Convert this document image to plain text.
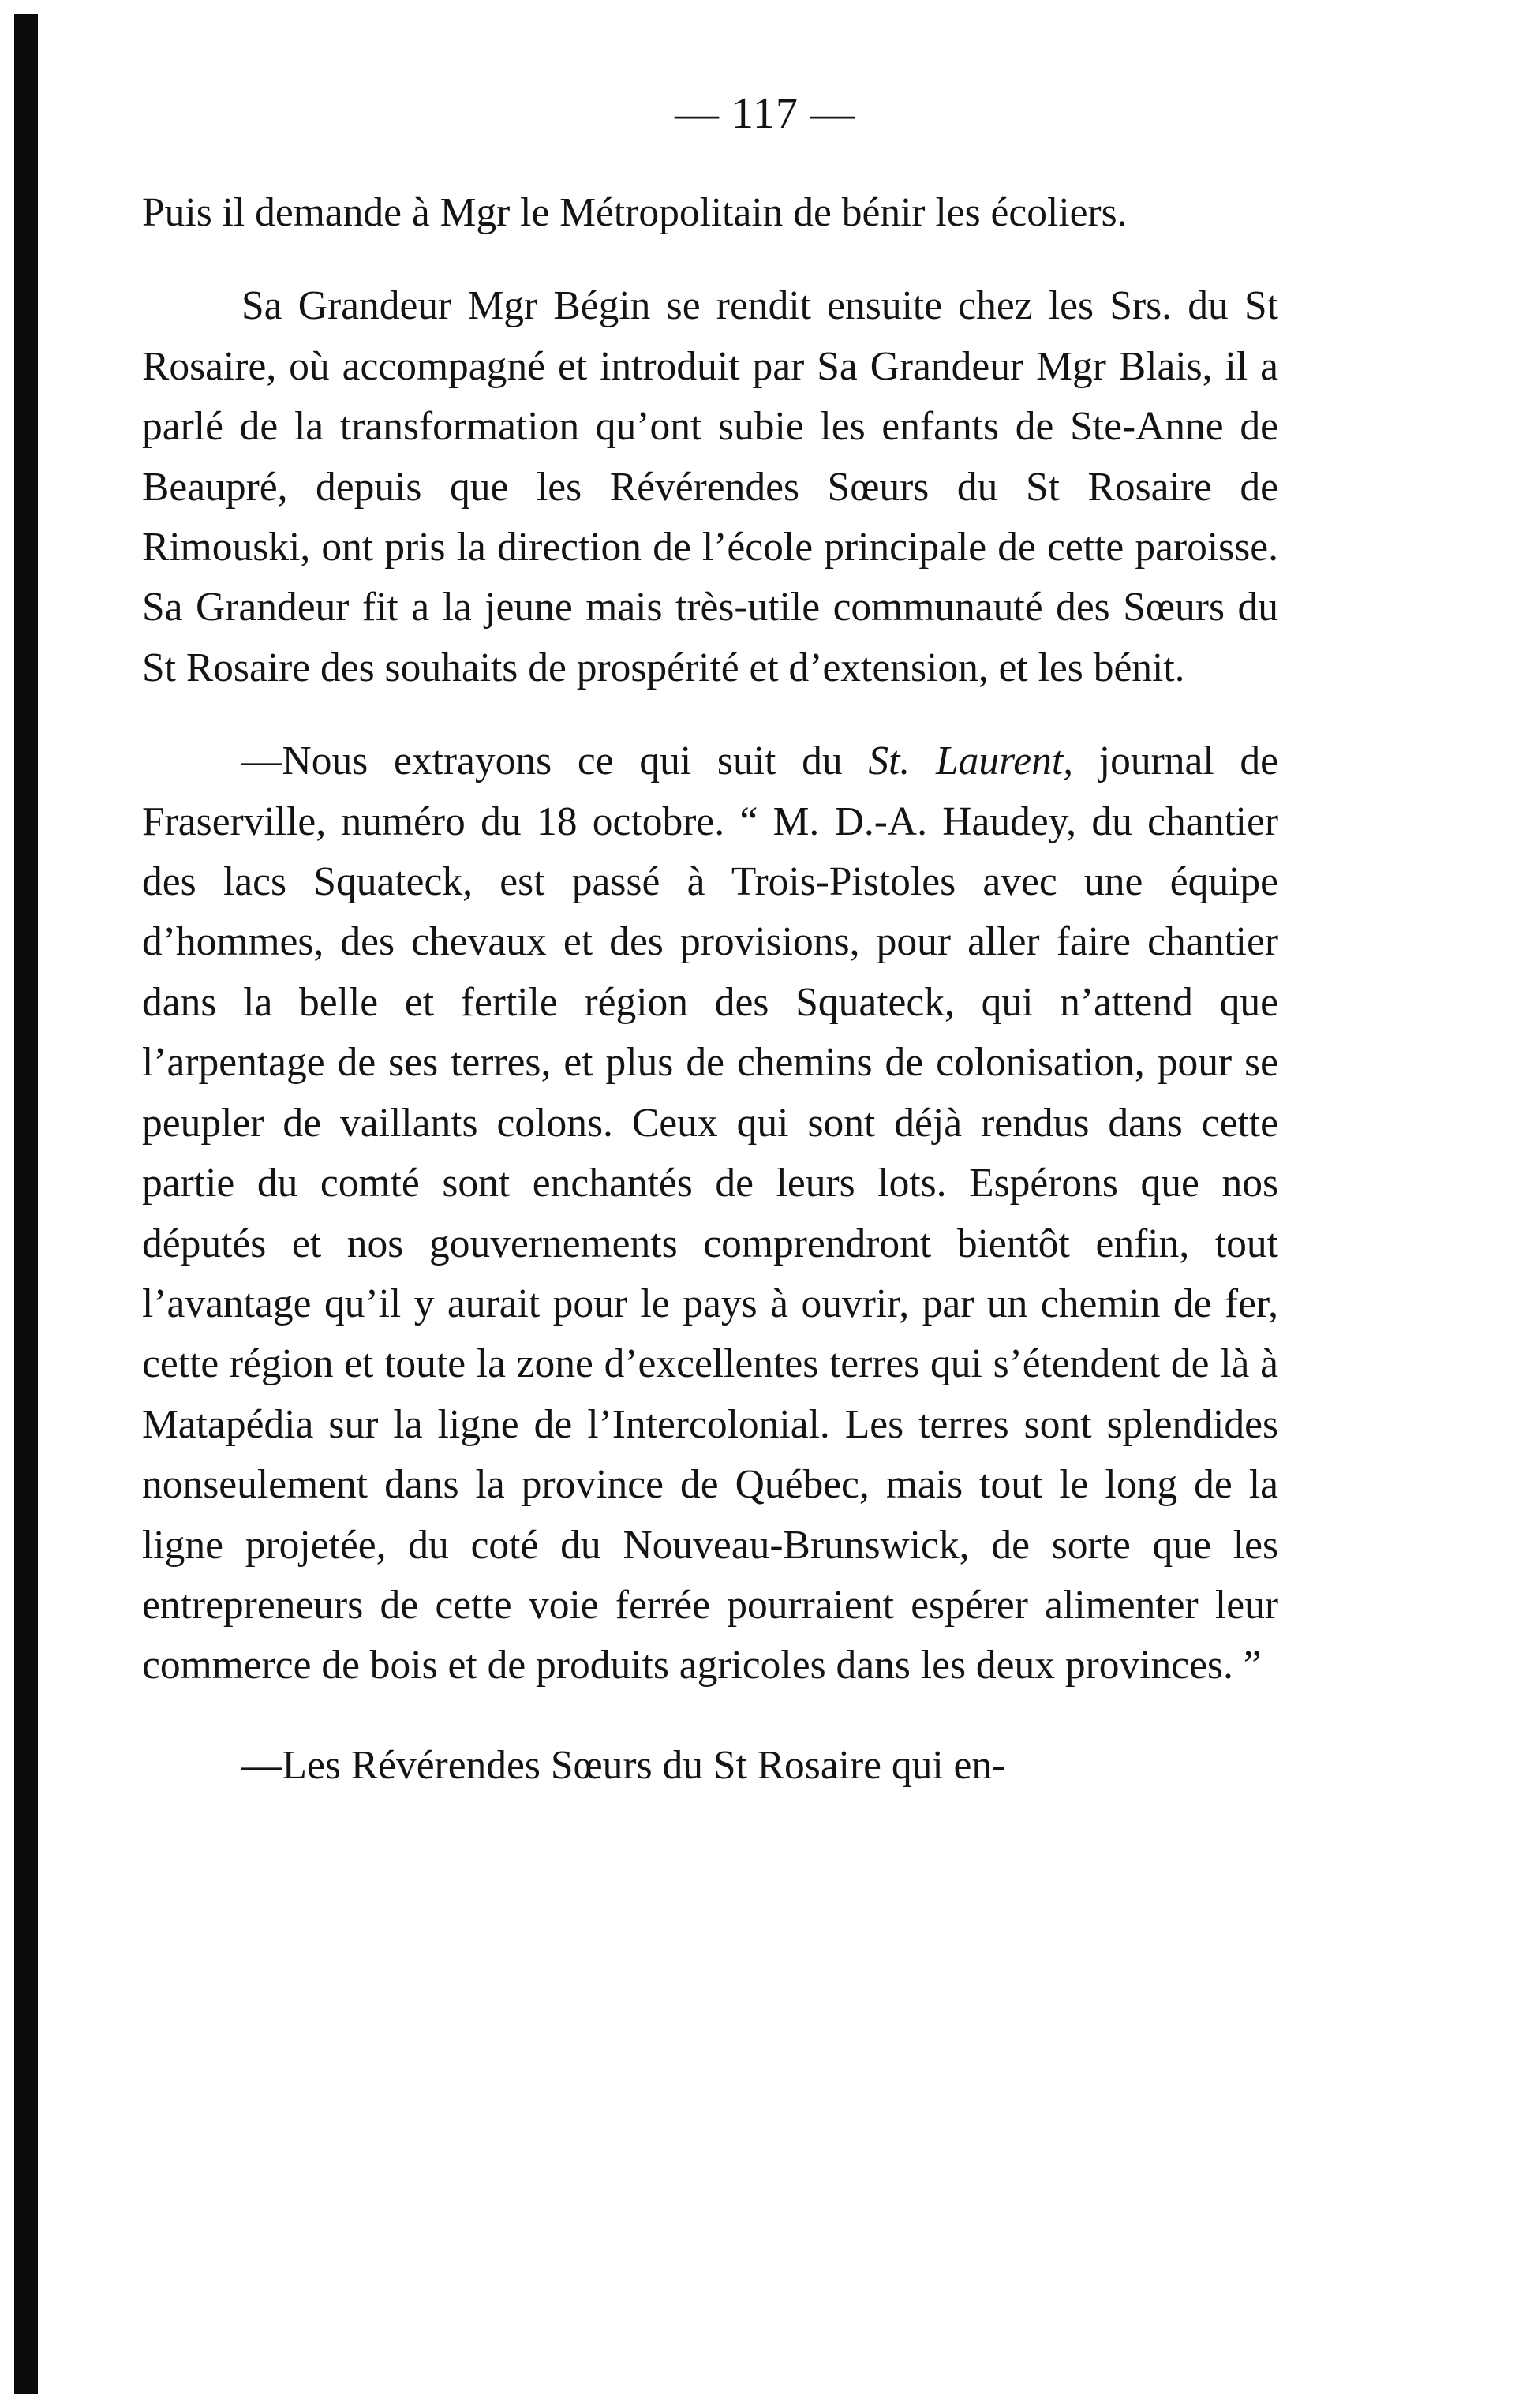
— 117 —

Puis il demande à Mgr le Métropolitain de bénir les écoliers.

Sa Grandeur Mgr Bégin se rendit ensuite chez les Srs. du St Rosaire, où accompagné et introduit par Sa Grandeur Mgr Blais, il a parlé de la transformation qu’ont subie les enfants de Ste-Anne de Beaupré, depuis que les Révérendes Sœurs du St Rosaire de Rimouski, ont pris la direction de l’école principale de cette paroisse. Sa Grandeur fit a la jeune mais très-utile communauté des Sœurs du St Rosaire des souhaits de prospérité et d’extension, et les bénit.

—Nous extrayons ce qui suit du St. Laurent, journal de Fraserville, numéro du 18 octobre. “ M. D.-A. Haudey, du chantier des lacs Squateck, est passé à Trois-Pistoles avec une équipe d’hommes, des chevaux et des provisions, pour aller faire chantier dans la belle et fertile région des Squateck, qui n’attend que l’arpentage de ses terres, et plus de chemins de colonisation, pour se peupler de vaillants colons. Ceux qui sont déjà rendus dans cette partie du comté sont enchantés de leurs lots. Espérons que nos députés et nos gouvernements comprendront bientôt enfin, tout l’avantage qu’il y aurait pour le pays à ouvrir, par un chemin de fer, cette région et toute la zone d’excellentes terres qui s’étendent de là à Matapédia sur la ligne de l’Intercolonial. Les terres sont splendides nonseulement dans la province de Québec, mais tout le long de la ligne projetée, du coté du Nouveau-Brunswick, de sorte que les entrepreneurs de cette voie ferrée pourraient espérer alimenter leur commerce de bois et de produits agricoles dans les deux provinces. ”

—Les Révérendes Sœurs du St Rosaire qui en-
